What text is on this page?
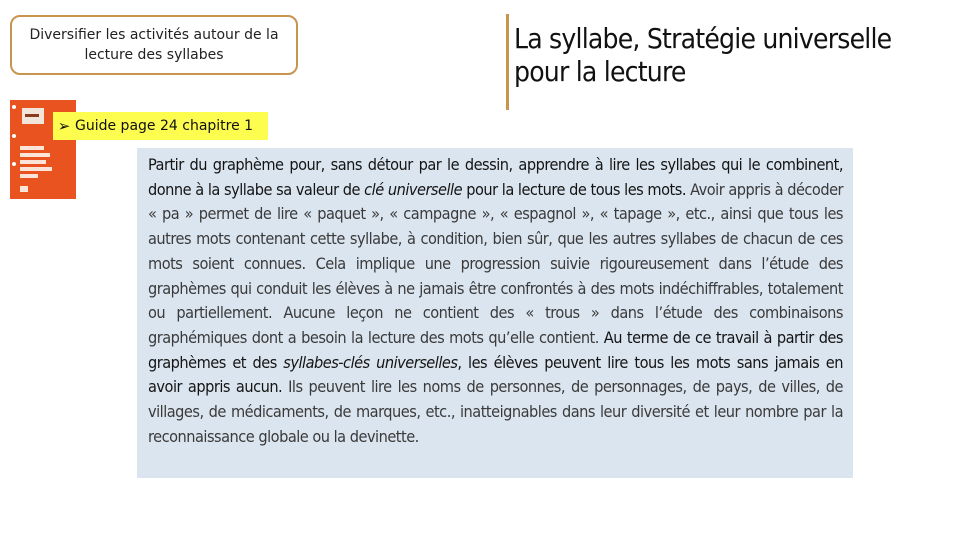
Diversifier les activités autour de la
lecture des syllabes	La syllabe, Stratégie universelle
pour la lecture
➢ Guide page 24 chapitre 1
Partir du graphème pour, sans détour par le dessin, apprendre à lire les syllabes qui le combinent, donne à la syllabe sa valeur de clé universelle pour la lecture de tous les mots. Avoir appris à décoder « pa » permet de lire « paquet », « campagne », « espagnol », « tapage », etc., ainsi que tous les autres mots contenant cette syllabe, à condition, bien sûr, que les autres syllabes de chacun de ces mots soient connues. Cela implique une progression suivie rigoureusement dans l’étude des graphèmes qui conduit les élèves à ne jamais être confrontés à des mots indéchiffrables, totalement ou partiellement. Aucune leçon ne contient des « trous » dans l’étude des combinaisons graphémiques dont a besoin la lecture des mots qu’elle contient. Au terme de ce travail à partir des graphèmes et des syllabes-clés universelles, les élèves peuvent lire tous les mots sans jamais en avoir appris aucun. Ils peuvent lire les noms de personnes, de personnages, de pays, de villes, de villages, de médicaments, de marques, etc., inatteignables dans leur diversité et leur nombre par la reconnaissance globale ou la devinette.
